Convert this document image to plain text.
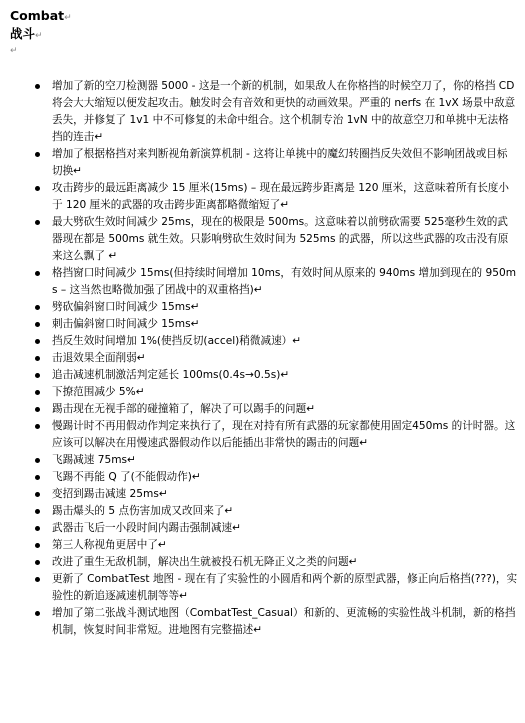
Combat↵

战斗↵

↵
增加了新的空刀检测器 5000 - 这是一个新的机制，如果敌人在你格挡的时候空刀了，你的格挡 CD 将会大大缩短以便发起攻击。触发时会有音效和更快的动画效果。严重的 nerfs 在 1vX 场景中敌意丢失，并修复了 1v1 中不可修复的未命中组合。这个机制专治 1vN 中的故意空刀和单挑中无法格挡的连击↵
增加了根据格挡对来判断视角新演算机制 - 这将让单挑中的魔幻转圈挡反失效但不影响团战或目标切换↵
攻击跨步的最远距离减少 15 厘米(15ms) – 现在最远跨步距离是 120 厘米，这意味着所有长度小于 120 厘米的武器的攻击跨步距离都略微缩短了↵
最大劈砍生效时间减少 25ms，现在的极限是 500ms。这意味着以前劈砍需要 525毫秒生效的武器现在都是 500ms 就生效。只影响劈砍生效时间为 525ms 的武器，所以这些武器的攻击没有原来这么飘了 ↵
格挡窗口时间减少 15ms(但持续时间增加 10ms，有效时间从原来的 940ms 增加到现在的 950ms – 这当然也略微加强了团战中的双重格挡)↵
劈砍偏斜窗口时间减少 15ms↵
刺击偏斜窗口时间减少 15ms↵
挡反生效时间增加 1%(使挡反切(accel)稍微减速）↵
击退效果全面削弱↵
追击减速机制激活判定延长 100ms(0.4s→0.5s)↵
下撩范围减少 5%↵
踢击现在无视手部的碰撞箱了，解决了可以踢手的问题↵
慢踢计时不再用假动作判定来执行了，现在对持有所有武器的玩家都使用固定450ms 的计时器。这应该可以解决在用慢速武器假动作以后能插出非常快的踢击的问题↵
飞踢减速 75ms↵
飞踢不再能 Q 了(不能假动作)↵
变招到踢击减速 25ms↵
踢击爆头的 5 点伤害加成又改回来了↵
武器击飞后一小段时间内踢击强制减速↵
第三人称视角更居中了↵
改进了重生无敌机制，解决出生就被投石机无降正义之类的问题↵
更新了 CombatTest 地图 - 现在有了实验性的小圆盾和两个新的原型武器，修正向后格挡(???)，实验性的新追逐减速机制等等↵
增加了第二张战斗测试地图（CombatTest_Casual）和新的、更流畅的实验性战斗机制，新的格挡机制，恢复时间非常短。进地图有完整描述↵
